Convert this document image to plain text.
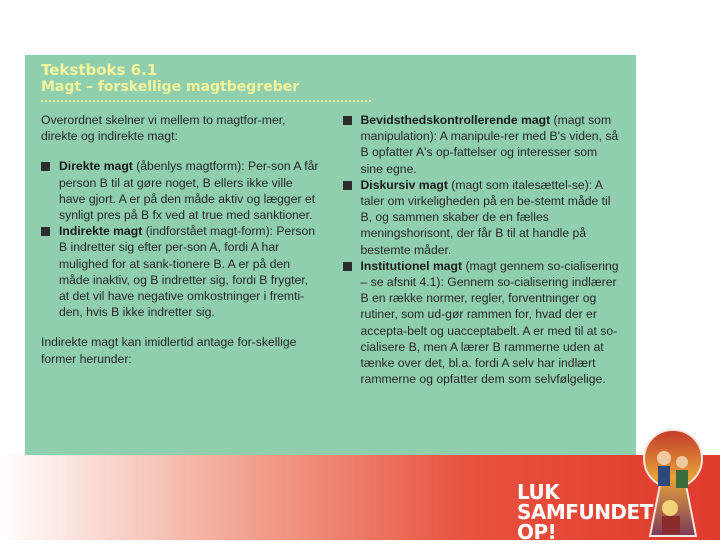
Tekstboks 6.1

Magt – forskellige magtbegreber

Overordnet skelner vi mellem to magtfor-mer, direkte og indirekte magt:

Direkte magt (åbenlys magtform): Per-son A får person B til at gøre noget, B ellers ikke ville have gjort. A er på den måde aktiv og lægger et synligt pres på B fx ved at true med sanktioner.
Indirekte magt (indforstået magt-form): Person B indretter sig efter per-son A, fordi A har mulighed for at sank-tionere B. A er på den måde inaktiv, og B indretter sig, fordi B frygter, at det vil have negative omkostninger i fremti-den, hvis B ikke indretter sig.

Indirekte magt kan imidlertid antage for-skellige former herunder:

Bevidsthedskontrollerende magt (magt som manipulation): A manipule-rer med B's viden, så B opfatter A's op-fattelser og interesser som sine egne.
Diskursiv magt (magt som italesættel-se): A taler om virkeligheden på en be-stemt måde til B, og sammen skaber de en fælles meningshorisont, der får B til at handle på bestemte måder.
Institutionel magt (magt gennem so-cialisering – se afsnit 4.1): Gennem so-cialisering indlærer B en række normer, regler, forventninger og rutiner, som ud-gør rammen for, hvad der er accepta-belt og uacceptabelt. A er med til at so-cialisere B, men A lærer B rammerne uden at tænke over det, bl.a. fordi A selv har indlært rammerne og opfatter dem som selvfølgelige.
LUK
SAMFUNDET
OP!
